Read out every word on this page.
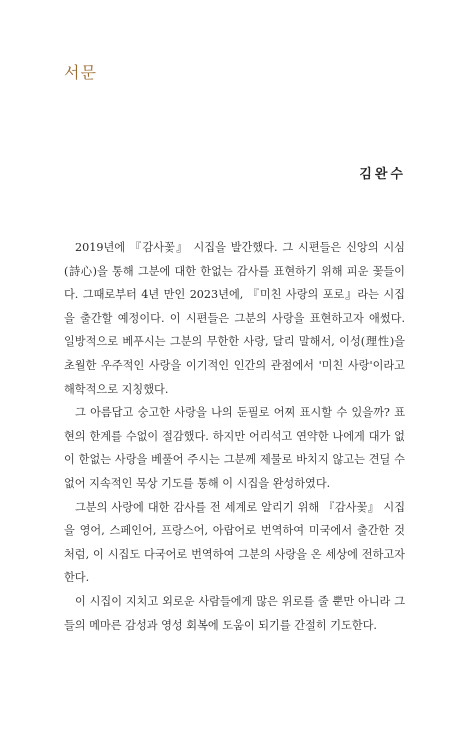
서문
김완수

2019년에 『감사꽃』 시집을 발간했다. 그 시편들은 신앙의 시심(詩心)을 통해 그분에 대한 한없는 감사를 표현하기 위해 피운 꽃들이다. 그때로부터 4년 만인 2023년에, 『미친 사랑의 포로』라는 시집을 출간할 예정이다. 이 시편들은 그분의 사랑을 표현하고자 애썼다. 일방적으로 베푸시는 그분의 무한한 사랑, 달리 말해서, 이성(理性)을 초월한 우주적인 사랑을 이기적인 인간의 관점에서 '미친 사랑'이라고 해학적으로 지칭했다.

그 아름답고 숭고한 사랑을 나의 둔필로 어찌 표시할 수 있을까? 표현의 한계를 수없이 절감했다. 하지만 어리석고 연약한 나에게 대가 없이 한없는 사랑을 베풀어 주시는 그분께 제물로 바치지 않고는 견딜 수 없어 지속적인 묵상 기도를 통해 이 시집을 완성하였다.

그분의 사랑에 대한 감사를 전 세계로 알리기 위해 『감사꽃』 시집을 영어, 스페인어, 프랑스어, 아랍어로 번역하여 미국에서 출간한 것처럼, 이 시집도 다국어로 번역하여 그분의 사랑을 온 세상에 전하고자 한다.

이 시집이 지치고 외로운 사람들에게 많은 위로를 줄 뿐만 아니라 그들의 메마른 감성과 영성 회복에 도움이 되기를 간절히 기도한다.
